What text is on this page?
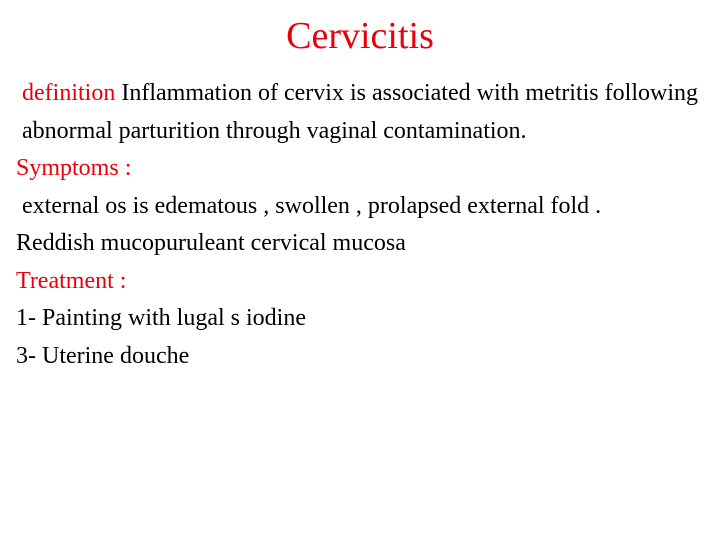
Cervicitis

definition Inflammation of cervix is associated with metritis following abnormal parturition through vaginal contamination.

Symptoms :

external os is edematous , swollen , prolapsed external fold .

Reddish mucopuruleant cervical mucosa

Treatment :

1- Painting with lugal s iodine

3- Uterine douche
